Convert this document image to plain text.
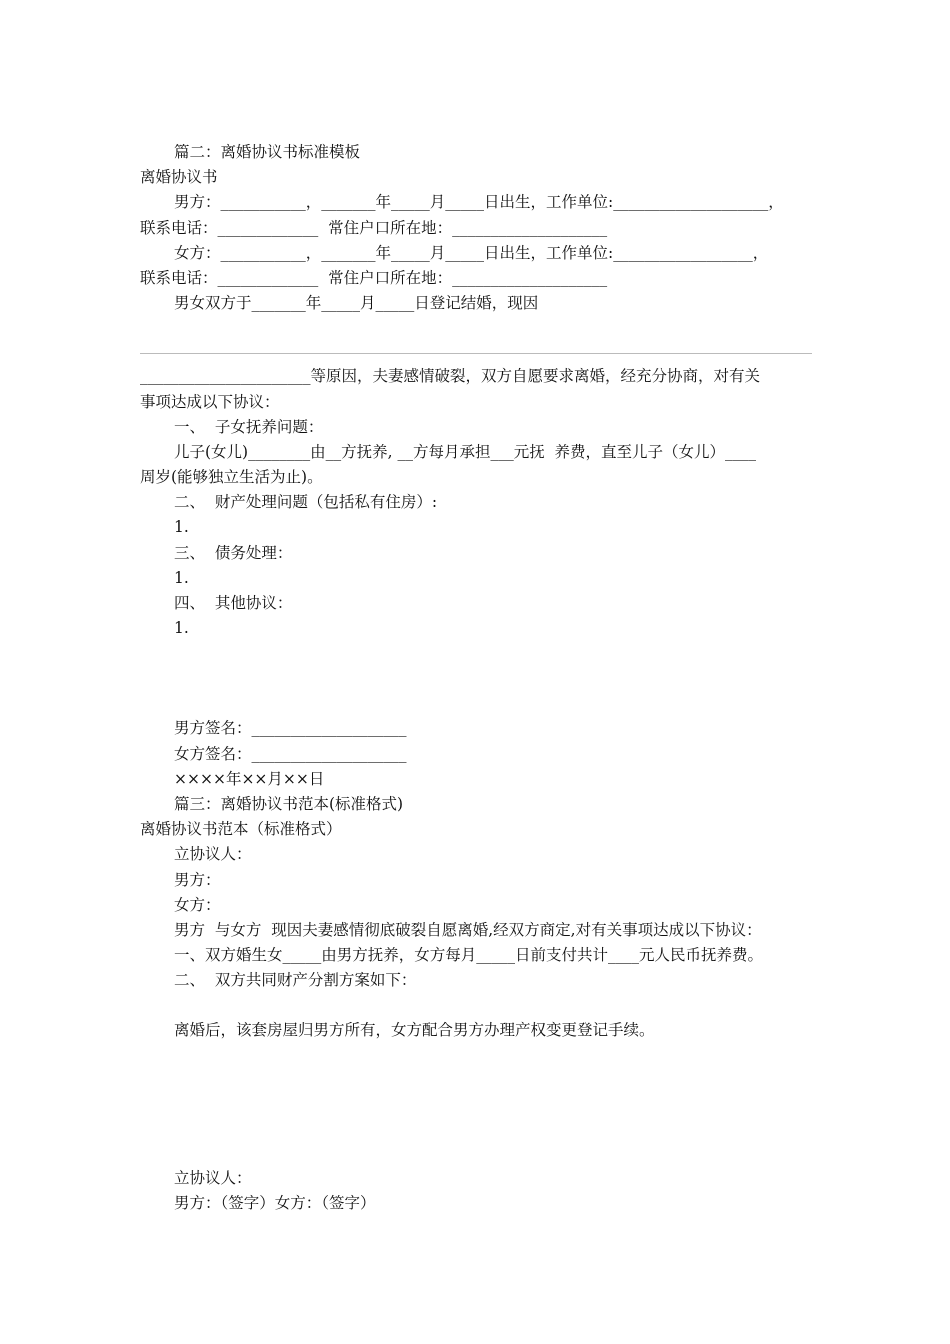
篇二：离婚协议书标准模板
离婚协议书
男方：___________，_______年_____月_____日出生，工作单位:____________________，
联系电话：_____________  常住户口所在地：____________________
女方：___________，_______年_____月_____日出生，工作单位:__________________，
联系电话：_____________  常住户口所在地：____________________
男女双方于_______年_____月_____日登记结婚，现因
______________________等原因，夫妻感情破裂，双方自愿要求离婚，经充分协商，对有关
事项达成以下协议：
一、  子女抚养问题：
儿子(女儿)________由__方抚养, __方每月承担___元抚  养费，直至儿子（女儿）____
周岁(能够独立生活为止)。
二、  财产处理问题（包括私有住房）:
1.
三、  债务处理：
1.
四、  其他协议：
1.
男方签名：____________________
女方签名：____________________
××××年××月××日
篇三：离婚协议书范本(标准格式)
离婚协议书范本（标准格式）
立协议人：
男方：
女方：
男方  与女方  现因夫妻感情彻底破裂自愿离婚,经双方商定,对有关事项达成以下协议：
一、双方婚生女_____由男方抚养，女方每月_____日前支付共计____元人民币抚养费。
二、  双方共同财产分割方案如下：
离婚后，该套房屋归男方所有，女方配合男方办理产权变更登记手续。
立协议人：
男方：（签字）女方：（签字）
